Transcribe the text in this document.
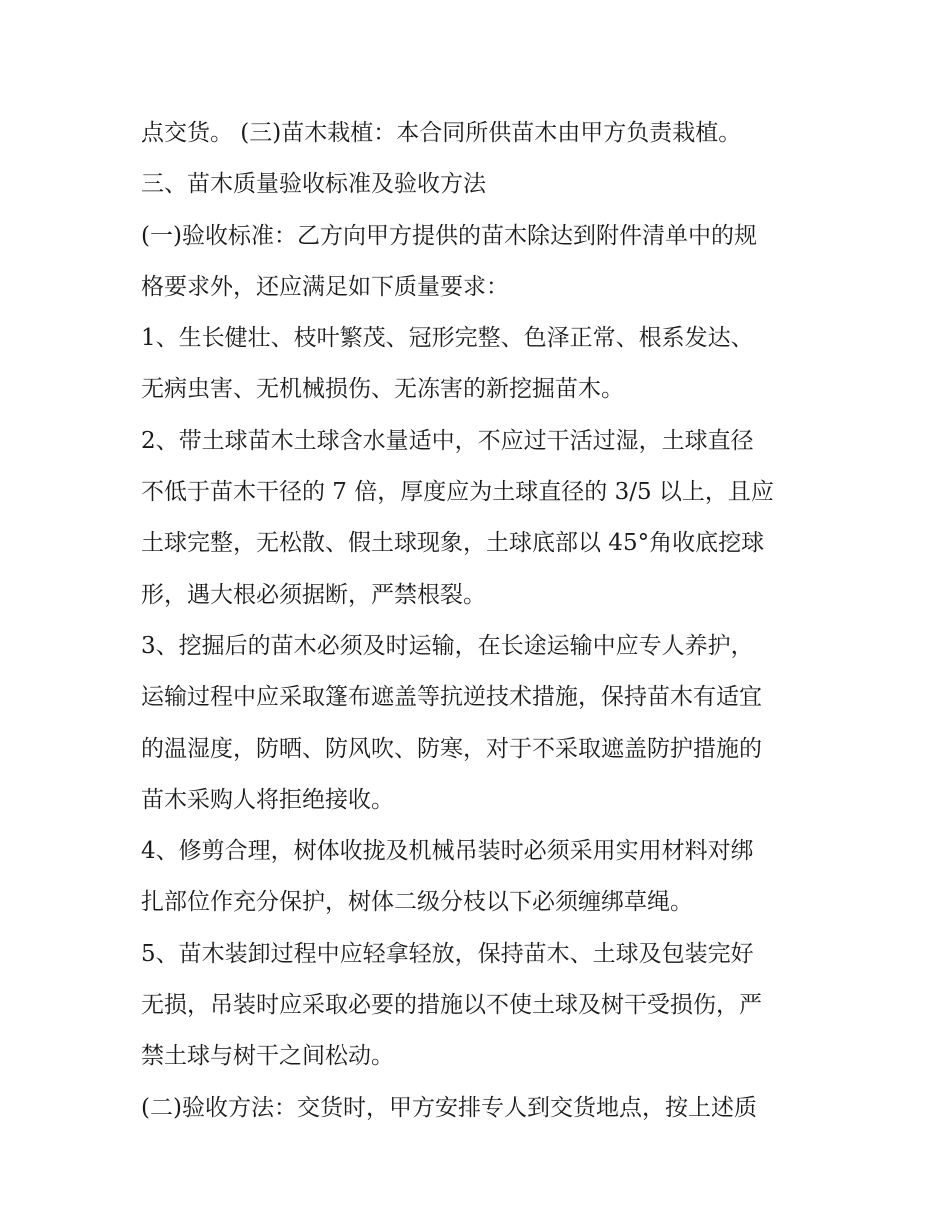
点交货。 (三)苗木栽植：本合同所供苗木由甲方负责栽植。
三、苗木质量验收标准及验收方法
(一)验收标准：乙方向甲方提供的苗木除达到附件清单中的规
格要求外，还应满足如下质量要求：
1、生长健壮、枝叶繁茂、冠形完整、色泽正常、根系发达、
无病虫害、无机械损伤、无冻害的新挖掘苗木。
2、带土球苗木土球含水量适中，不应过干活过湿，土球直径
不低于苗木干径的 7 倍，厚度应为土球直径的 3/5 以上，且应
土球完整，无松散、假土球现象，土球底部以 45°角收底挖球
形，遇大根必须据断，严禁根裂。
3、挖掘后的苗木必须及时运输，在长途运输中应专人养护，
运输过程中应采取篷布遮盖等抗逆技术措施，保持苗木有适宜
的温湿度，防晒、防风吹、防寒，对于不采取遮盖防护措施的
苗木采购人将拒绝接收。
4、修剪合理，树体收拢及机械吊装时必须采用实用材料对绑
扎部位作充分保护，树体二级分枝以下必须缠绑草绳。
5、苗木装卸过程中应轻拿轻放，保持苗木、土球及包装完好
无损，吊装时应采取必要的措施以不使土球及树干受损伤，严
禁土球与树干之间松动。
(二)验收方法：交货时，甲方安排专人到交货地点，按上述质
